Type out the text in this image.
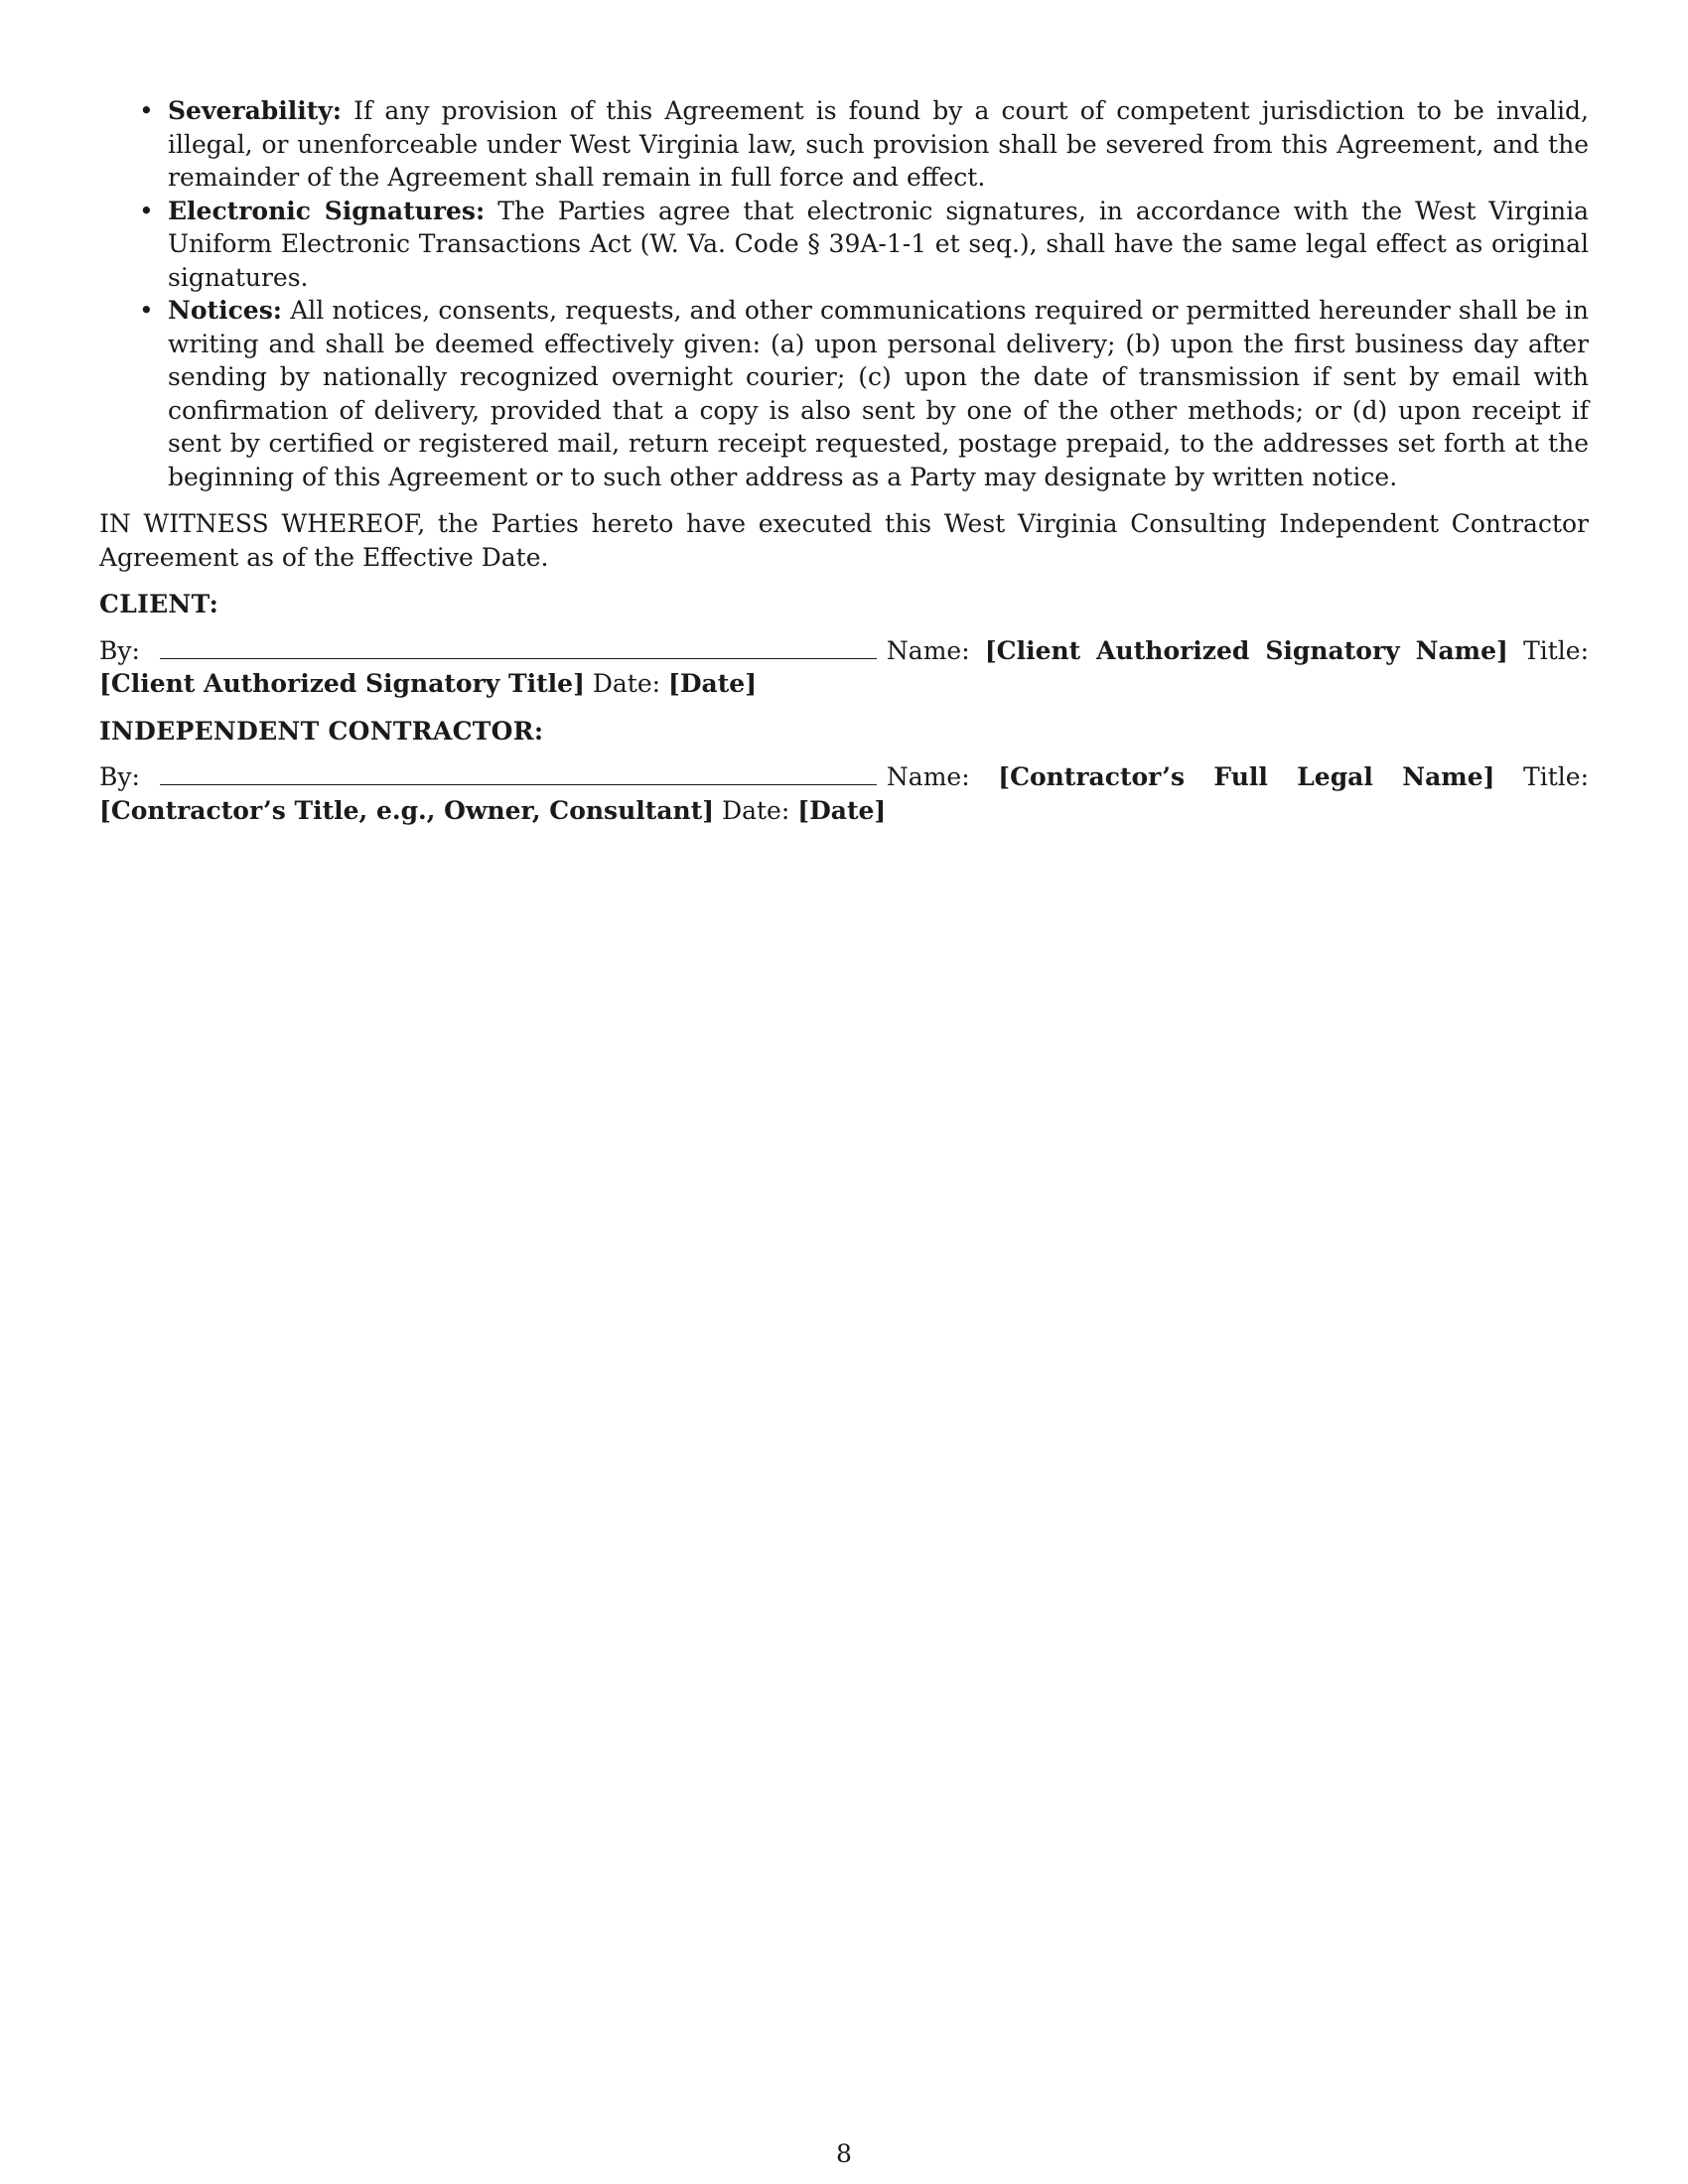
• Severability: If any provision of this Agreement is found by a court of competent jurisdiction to be invalid, illegal, or unenforceable under West Virginia law, such provision shall be severed from this Agreement, and the remainder of the Agreement shall remain in full force and effect.
• Electronic Signatures: The Parties agree that electronic signatures, in accordance with the West Virginia Uniform Electronic Transactions Act (W. Va. Code § 39A-1-1 et seq.), shall have the same legal effect as original signatures.
• Notices: All notices, consents, requests, and other communications required or permitted hereunder shall be in writing and shall be deemed effectively given: (a) upon personal delivery; (b) upon the first business day after sending by nationally recognized overnight courier; (c) upon the date of transmission if sent by email with confirmation of delivery, provided that a copy is also sent by one of the other methods; or (d) upon receipt if sent by certified or registered mail, return receipt requested, postage prepaid, to the addresses set forth at the beginning of this Agreement or to such other address as a Party may designate by written notice.

IN WITNESS WHEREOF, the Parties hereto have executed this West Virginia Consulting Independent Contractor Agreement as of the Effective Date.

CLIENT:
By:	Name: [Client Authorized Signatory Name] Title: [Client Authorized Signatory Title] Date: [Date]
INDEPENDENT CONTRACTOR:
By:	Name: [Contractor’s Full Legal Name] Title: [Contractor’s Title, e.g., Owner, Consultant] Date: [Date]
8
